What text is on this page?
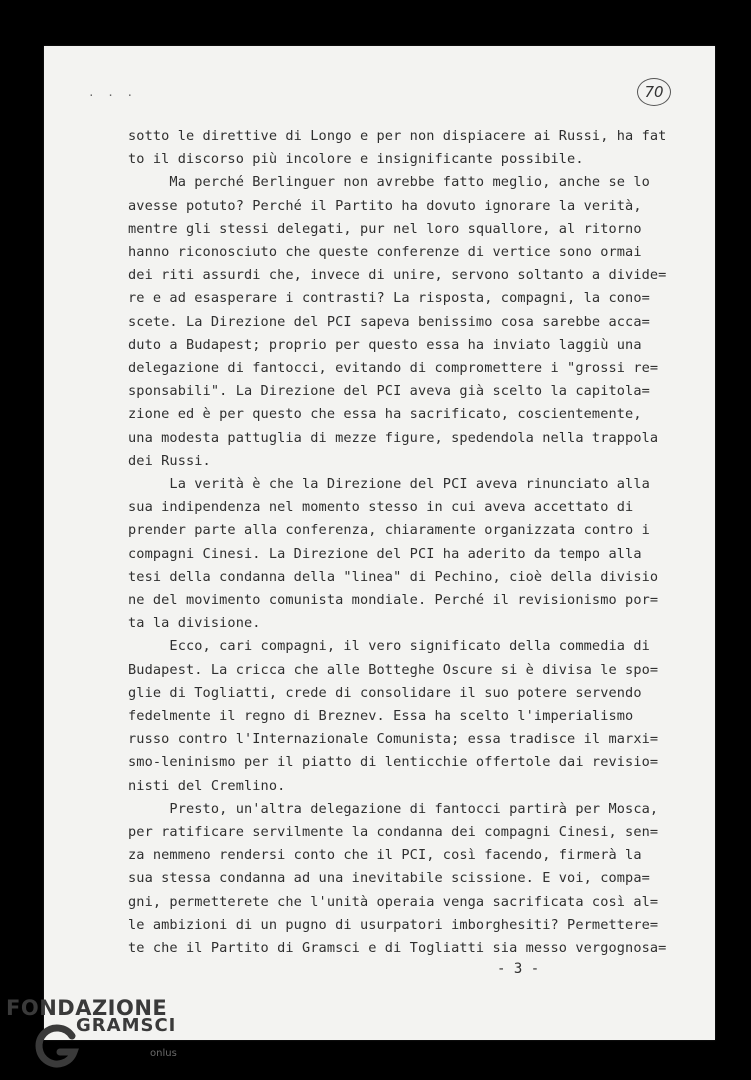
. . .	70
sotto le direttive di Longo e per non dispiacere ai Russi, ha fat
to il discorso più incolore e insignificante possibile.
Ma perché Berlinguer non avrebbe fatto meglio, anche se lo
avesse potuto? Perché il Partito ha dovuto ignorare la verità,
mentre gli stessi delegati, pur nel loro squallore, al ritorno
hanno riconosciuto che queste conferenze di vertice sono ormai
dei riti assurdi che, invece di unire, servono soltanto a divide=
re e ad esasperare i contrasti? La risposta, compagni, la cono=
scete. La Direzione del PCI sapeva benissimo cosa sarebbe acca=
duto a Budapest; proprio per questo essa ha inviato laggiù una
delegazione di fantocci, evitando di compromettere i "grossi re=
sponsabili". La Direzione del PCI aveva già scelto la capitola=
zione ed è per questo che essa ha sacrificato, coscientemente,
una modesta pattuglia di mezze figure, spedendola nella trappola
dei Russi.
La verità è che la Direzione del PCI aveva rinunciato alla
sua indipendenza nel momento stesso in cui aveva accettato di
prender parte alla conferenza, chiaramente organizzata contro i
compagni Cinesi. La Direzione del PCI ha aderito da tempo alla
tesi della condanna della "linea" di Pechino, cioè della divisio
ne del movimento comunista mondiale. Perché il revisionismo por=
ta la divisione.
Ecco, cari compagni, il vero significato della commedia di
Budapest. La cricca che alle Botteghe Oscure si è divisa le spo=
glie di Togliatti, crede di consolidare il suo potere servendo
fedelmente il regno di Breznev. Essa ha scelto l'imperialismo
russo contro l'Internazionale Comunista; essa tradisce il marxi=
smo-leninismo per il piatto di lenticchie offertole dai revisio=
nisti del Cremlino.
Presto, un'altra delegazione di fantocci partirà per Mosca,
per ratificare servilmente la condanna dei compagni Cinesi, sen=
za nemmeno rendersi conto che il PCI, così facendo, firmerà la
sua stessa condanna ad una inevitabile scissione. E voi, compa=
gni, permetterete che l'unità operaia venga sacrificata così al=
le ambizioni di un pugno di usurpatori imborghesiti? Permettere=
te che il Partito di Gramsci e di Togliatti sia messo vergognosa=
- 3 -
FONDAZIONE
GRAMSCI
onlus
